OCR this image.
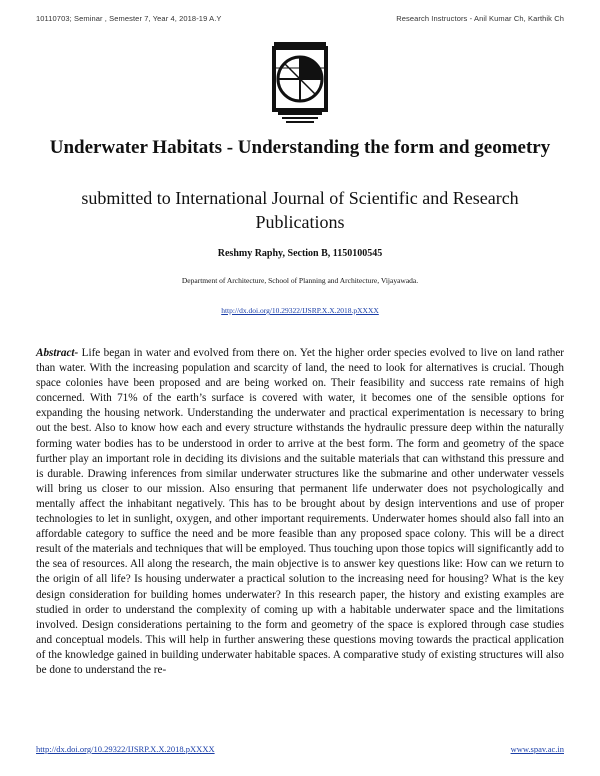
10110703; Seminar , Semester 7, Year 4, 2018-19 A.Y	Research Instructors - Anil Kumar Ch, Karthik Ch
Underwater Habitats - Understanding the form and geometry
submitted to International Journal of Scientific and Research Publications

Reshmy Raphy, Section B, 1150100545

Department of Architecture, School of Planning and Architecture, Vijayawada.

http://dx.doi.org/10.29322/IJSRP.X.X.2018.pXXXX

Abstract- Life began in water and evolved from there on. Yet the higher order species evolved to live on land rather than water. With the increasing population and scarcity of land, the need to look for alternatives is crucial. Though space colonies have been proposed and are being worked on. Their feasibility and success rate remains of high concerned. With 71% of the earth’s surface is covered with water, it becomes one of the sensible options for expanding the housing network. Understanding the underwater and practical experimentation is necessary to bring out the best. Also to know how each and every structure withstands the hydraulic pressure deep within the naturally forming water bodies has to be understood in order to arrive at the best form. The form and geometry of the space further play an important role in deciding its divisions and the suitable materials that can withstand this pressure and is durable. Drawing inferences from similar underwater structures like the submarine and other underwater vessels will bring us closer to our mission. Also ensuring that permanent life underwater does not psychologically and mentally affect the inhabitant negatively. This has to be brought about by design interventions and use of proper technologies to let in sunlight, oxygen, and other important requirements. Underwater homes should also fall into an affordable category to suffice the need and be more feasible than any proposed space colony. This will be a direct result of the materials and techniques that will be employed. Thus touching upon those topics will significantly add to the sea of resources. All along the research, the main objective is to answer key questions like: How can we return to the origin of all life? Is housing underwater a practical solution to the increasing need for housing? What is the key design consideration for building homes underwater? In this research paper, the history and existing examples are studied in order to understand the complexity of coming up with a habitable underwater space and the limitations involved. Design considerations pertaining to the form and geometry of the space is explored through case studies and conceptual models. This will help in further answering these questions moving towards the practical application of the knowledge gained in building underwater habitable spaces. A comparative study of existing structures will also be done to understand the re-

http://dx.doi.org/10.29322/IJSRP.X.X.2018.pXXXX	www.spav.ac.in
